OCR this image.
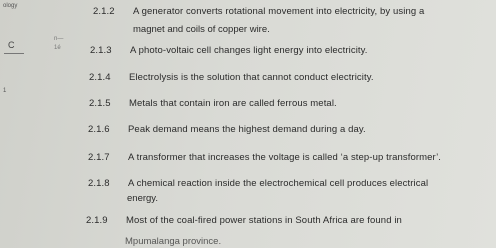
ology
C
n—
1é
1
2.1.2 A generator converts rotational movement into electricity, by using a
magnet and coils of copper wire.
2.1.3 A photo-voltaic cell changes light energy into electricity.
2.1.4 Electrolysis is the solution that cannot conduct electricity.
2.1.5 Metals that contain iron are called ferrous metal.
2.1.6 Peak demand means the highest demand during a day.
2.1.7 A transformer that increases the voltage is called ‘a step-up transformer’.
2.1.8 A chemical reaction inside the electrochemical cell produces electrical
energy.
2.1.9 Most of the coal-fired power stations in South Africa are found in
Mpumalanga province.
